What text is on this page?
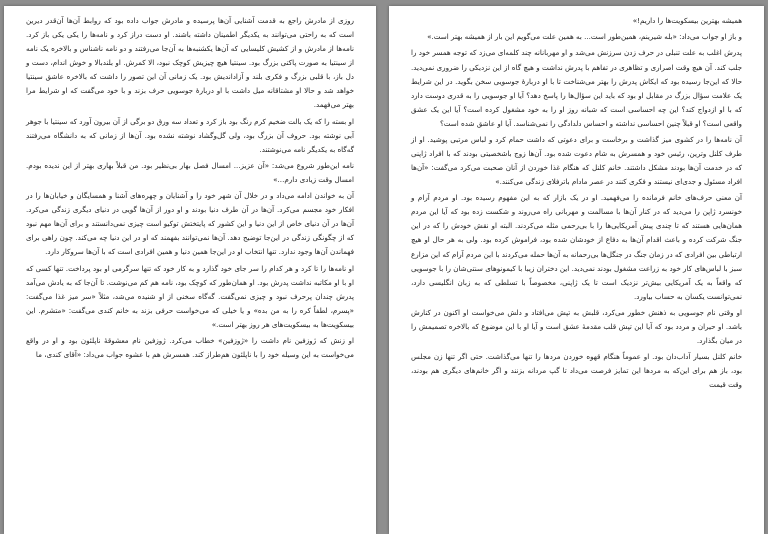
روزی از مادرش راجع به قدمت آشنایی آن‌ها پرسیده و مادرش جواب داده بود که روابط آن‌ها آن‌قدر دیرین است که به راحتی می‌توانند به یکدیگر اطمینان داشته باشند. او دست دراز کرد و نامه‌ها را یکی یکی باز کرد. نامه‌ها از مادرش و از کشیش کلیسایی که آن‌ها یکشنبه‌ها به آن‌جا می‌رفتند و دو نامه ناشناس و بالاخره یک نامه از سینتیا به صورت پاکتی بزرگ بود. سینتیا هیچ چیزیش کوچک نبود، الا کمرش. او بلندبالا و خوش اندام، دست و دل باز، با قلبی بزرگ و فکری بلند و آزاداندیش بود. یک زمانی آن این تصور را داشت که بالاخره عاشق سینتیا خواهد شد و حالا او مشتاقانه میل داشت با او دربارهٔ جوسویی حرف بزند و با خود می‌گفت که او شرایط مرا بهتر می‌فهمد.

او بسته را که یک بالت ضخیم کرم رنگ بود باز کرد و تعداد سه ورق دو برگی از آن بیرون آورد که سینتیا با جوهر آبی نوشته بود. حروف آن بزرگ بود، ولی گل‌وگشاد نوشته نشده بود. آن‌ها از زمانی که به دانشگاه می‌رفتند گه‌گاه به یکدیگر نامه می‌نوشتند.

نامه این‌طور شروع می‌شد: «آن عزیز... امسال فصل بهار بی‌نظیر بود. من قبلاً بهاری بهتر از این ندیده بودم. امسال وقت زیادی دارم...»

آن به خواندن ادامه می‌داد و در خلال آن شهر خود را و آشنایان و چهره‌های آشنا و همسایگان و خیابان‌ها را در افکار خود مجسم می‌کرد. آن‌ها در آن طرف دنیا بودند و او دور از آن‌ها گویی در دنیای دیگری زندگی می‌کرد. آن‌ها در آن دنیای خاص از این دنیا و این کشور که پایتختش توکیو است چیزی نمی‌دانستند و برای آن‌ها مهم نبود که از چگونگی زندگی در این‌جا توضیح دهد. آن‌ها نمی‌توانند بفهمند که او در این دنیا چه می‌کند. چون راهی برای فهماندن آن‌ها وجود ندارد. تنها انتخاب او در این‌جا همین دنیا و همین افرادی است که با آن‌ها سروکار دارد.

او نامه‌ها را تا کرد و هر کدام را سر جای خود گذارد و به کار خود که تنها سرگرمی او بود پرداخت. تنها کسی که او با او مکاتبه نداشت پدرش بود. او همان‌طور که کوچک بود، نامه هم کم می‌نوشت. تا آن‌جا که به یادش می‌آمد پدرش چندان پرحرف نبود و چیزی نمی‌گفت. گه‌گاه سخنی از او شنیده می‌شد، مثلاً «سر میز غذا می‌گفت: «پسرم، لطفاً کره را به من بده» و یا خیلی که می‌خواست حرفی بزند به خانم کندی می‌گفت: «متشرم. این بیسکویت‌ها به بیسکویت‌های هر روز بهتر است.»

او زنش که ژوزفین نام داشت را «ژوزفین» خطاب می‌کرد. ژوزفین نام معشوقهٔ ناپلئون بود و او در واقع می‌خواست به این وسیله خود را با ناپلئون هم‌طراز کند. همسرش هم با عشوه جواب می‌داد: «آقای کندی، ما

همیشه بهترین بیسکویت‌ها را داریم!»

و باز او جواب می‌داد: «بله شیرینم، همین‌طور است... به همین علت می‌گویم این بار از همیشه بهتر است.»

پدرش اغلب به علت تنبلی در حرف زدن سرزنش می‌شد و او مهربانانه چند کلمه‌ای می‌زد که توجه همسر خود را جلب کند. آن هیچ وقت اصراری و تظاهری در تفاهم با پدرش نداشت و هیچ گاه از این نزدیکی را ضروری نمی‌دید. حالا که این‌جا رسیده بود که ایکاش پدرش را بهتر می‌شناخت تا با او دربارهٔ جوسویی سخن بگوید. در این شرایط یک علامت سؤال بزرگ در مقابل او بود که باید این سؤال‌ها را پاسخ دهد؟ آیا او جوسویی را به قدری دوست دارد که با او ازدواج کند؟ این چه احساسی است که شبانه روز او را به خود مشغول کرده است؟ آیا این یک عشق واقعی است؟ او قبلاً چنین احساسی نداشته و احساس دلدادگی را نمی‌شناسد. آیا او عاشق شده است؟

آن نامه‌ها را در کشوی میز گذاشت و برخاست و برای دعوتی که داشت حمام کرد و لباس مرتبی پوشید. او از طرف کلنل وترین، رئیس خود و همسرش به شام دعوت شده بود. آن‌ها زوج باشخصیتی بودند که با افراد ژاپنی که در خدمت آن‌ها بودند مشکل داشتند. خانم کلنل که هنگام غذا خوردن از آنان صحبت می‌کرد می‌گفت: «آن‌ها افراد مسئول و جدی‌ای نیستند و فکری کنند در عصر مادام باترفلای زندگی می‌کنند.»

آن معنی حرف‌های خانم فرمانده را می‌فهمید. او در یک بازار که به این مفهوم رسیده بود. او مردم آرام و خونسرد ژاپن را می‌دید که در کنار آن‌ها با مسالمت و مهربانی راه می‌روند و شکست زده بود که آیا این مردم همان‌هایی هستند که تا چندی پیش آمریکایی‌ها را با بی‌رحمی مثله می‌کردند. البته او نقش خودش را که در این جنگ شرکت کرده و باعث اقدام آن‌ها به دفاع از خودشان شده بود، فراموش کرده بود. ولی به هر حال او هیچ ارتباطی بین افرادی که در زمان جنگ در جنگل‌ها بی‌رحمانه به آن‌ها حمله می‌کردند با این مردم آرام که این مزارع سبز با لباس‌های کار خود به زراعت مشغول بودند نمی‌دید. این دختران زیبا با کیمونوهای سنتی‌شان را با جوسویی که واقعاً به یک آمریکایی بیش‌تر نزدیک است تا یک ژاپنی، مخصوصاً با تسلطی که به زبان انگلیسی دارد، نمی‌توانست یکسان به حساب بیاورد.

او وقتی نام جوسویی به ذهنش خطور می‌کرد، قلبش به تپش می‌افتاد و دلش می‌خواست او اکنون در کنارش باشد. او حیران و مردد بود که آیا این تپش قلب مقدمهٔ عشق است و آیا او با این موضوع که بالاخره تصمیمش را در میان بگذارد.

خانم کلنل بسیار آداب‌دان بود. او عموماً هنگام قهوه خوردن مردها را تنها می‌گذاشت. حتی اگر تنها زن مجلس بود، باز هم برای این‌که به مردها این تمایز فرصت می‌داد تا گپ مردانه بزنند و اگر خانم‌های دیگری هم بودند، وقت قیمت
